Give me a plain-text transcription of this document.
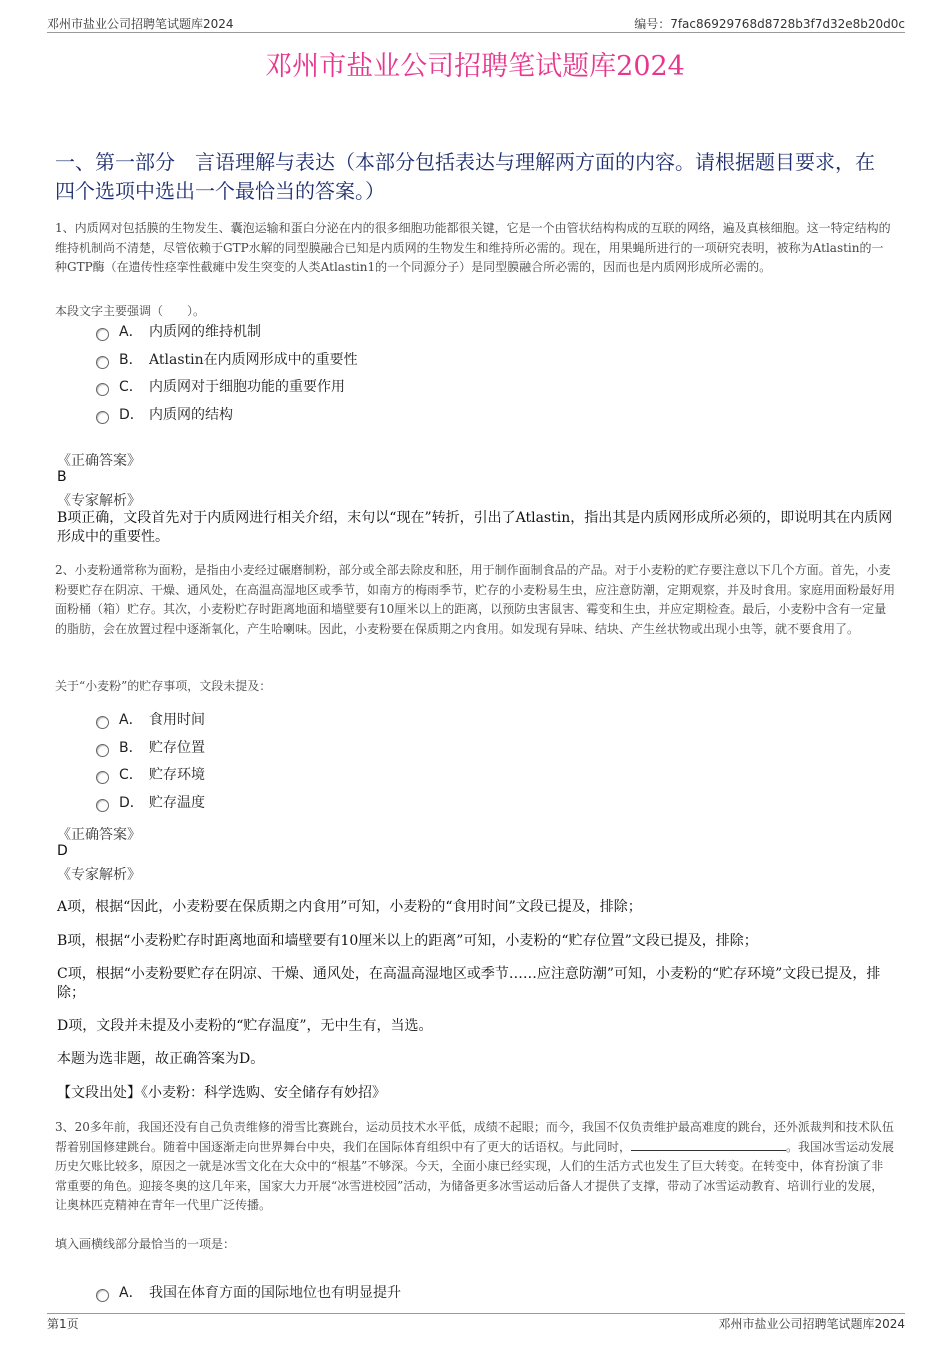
邓州市盐业公司招聘笔试题库2024	编号：7fac86929768d8728b3f7d32e8b20d0c
邓州市盐业公司招聘笔试题库2024
一、第一部分　言语理解与表达（本部分包括表达与理解两方面的内容。请根据题目要求，在四个选项中选出一个最恰当的答案。）
1、内质网对包括膜的生物发生、囊泡运输和蛋白分泌在内的很多细胞功能都很关键，它是一个由管状结构构成的互联的网络，遍及真核细胞。这一特定结构的维持机制尚不清楚，尽管依赖于GTP水解的同型膜融合已知是内质网的生物发生和维持所必需的。现在，用果蝇所进行的一项研究表明，被称为Atlastin的一种GTP酶（在遗传性痉挛性截瘫中发生突变的人类Atlastin1的一个同源分子）是同型膜融合所必需的，因而也是内质网形成所必需的。
本段文字主要强调（　　）。
A． 内质网的维持机制
B． Atlastin在内质网形成中的重要性
C． 内质网对于细胞功能的重要作用
D． 内质网的结构
《正确答案》
B
《专家解析》
B项正确，文段首先对于内质网进行相关介绍，末句以“现在”转折，引出了Atlastin，指出其是内质网形成所必须的，即说明其在内质网形成中的重要性。
2、小麦粉通常称为面粉，是指由小麦经过碾磨制粉，部分或全部去除皮和胚，用于制作面制食品的产品。对于小麦粉的贮存要注意以下几个方面。首先，小麦粉要贮存在阴凉、干燥、通风处，在高温高湿地区或季节，如南方的梅雨季节，贮存的小麦粉易生虫，应注意防潮，定期观察，并及时食用。家庭用面粉最好用面粉桶（箱）贮存。其次，小麦粉贮存时距离地面和墙壁要有10厘米以上的距离，以预防虫害鼠害、霉变和生虫，并应定期检查。最后，小麦粉中含有一定量的脂肪，会在放置过程中逐渐氧化，产生哈喇味。因此，小麦粉要在保质期之内食用。如发现有异味、结块、产生丝状物或出现小虫等，就不要食用了。
关于“小麦粉”的贮存事项，文段未提及：
A． 食用时间
B． 贮存位置
C． 贮存环境
D． 贮存温度
《正确答案》
D
《专家解析》
A项，根据“因此，小麦粉要在保质期之内食用”可知，小麦粉的“食用时间”文段已提及，排除；
B项，根据“小麦粉贮存时距离地面和墙壁要有10厘米以上的距离”可知，小麦粉的“贮存位置”文段已提及，排除；
C项，根据“小麦粉要贮存在阴凉、干燥、通风处，在高温高湿地区或季节……应注意防潮”可知，小麦粉的“贮存环境”文段已提及，排除；
D项，文段并未提及小麦粉的“贮存温度”，无中生有，当选。
本题为选非题，故正确答案为D。
【文段出处】《小麦粉：科学选购、安全储存有妙招》
3、20多年前，我国还没有自己负责维修的滑雪比赛跳台，运动员技术水平低，成绩不起眼；而今，我国不仅负责维护最高难度的跳台，还外派裁判和技术队伍帮着别国修建跳台。随着中国逐渐走向世界舞台中央，我们在国际体育组织中有了更大的话语权。与此同时，	。我国冰雪运动发展历史欠账比较多，原因之一就是冰雪文化在大众中的“根基”不够深。今天，全面小康已经实现，人们的生活方式也发生了巨大转变。在转变中，体育扮演了非常重要的角色。迎接冬奥的这几年来，国家大力开展“冰雪进校园”活动，为储备更多冰雪运动后备人才提供了支撑，带动了冰雪运动教育、培训行业的发展，让奥林匹克精神在青年一代里广泛传播。
填入画横线部分最恰当的一项是：
A． 我国在体育方面的国际地位也有明显提升
第1页	邓州市盐业公司招聘笔试题库2024
